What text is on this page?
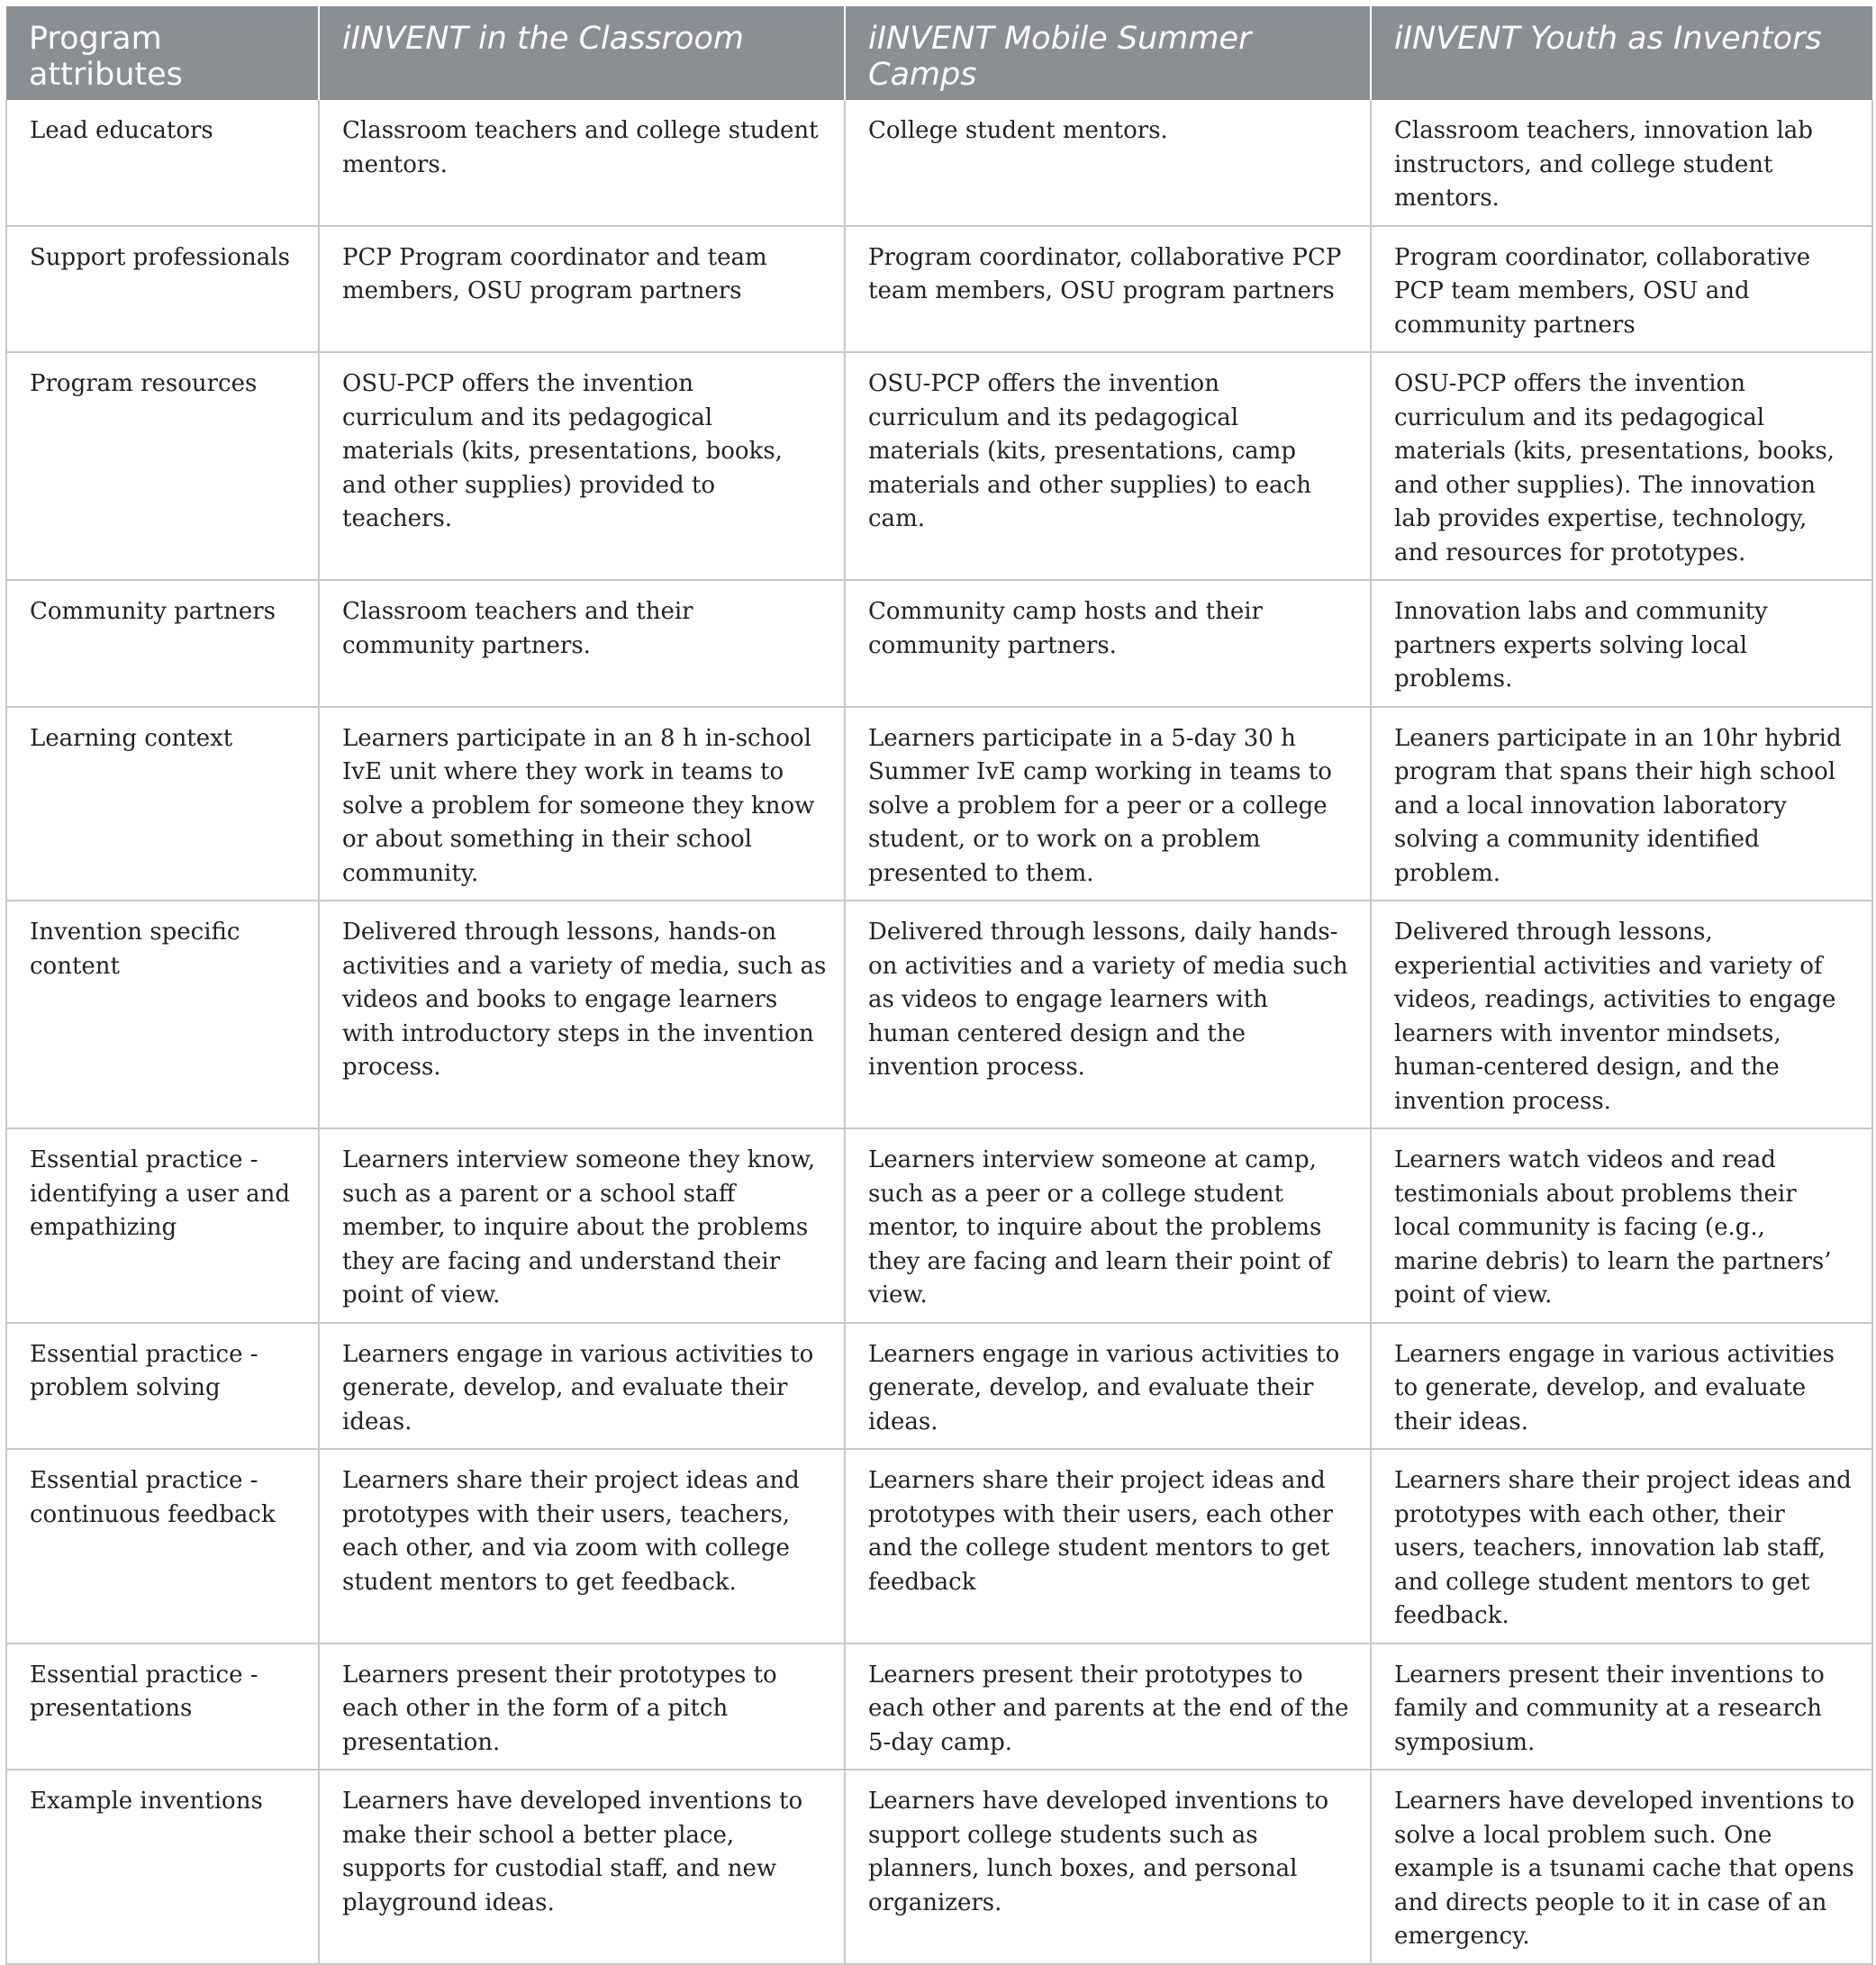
Program attributes	iINVENT in the Classroom	iINVENT Mobile Summer Camps	iINVENT Youth as Inventors
Lead educators	Classroom teachers and college student mentors.	College student mentors.	Classroom teachers, innovation lab instructors, and college student mentors.
Support professionals	PCP Program coordinator and team members, OSU program partners	Program coordinator, collaborative PCP team members, OSU program partners	Program coordinator, collaborative PCP team members, OSU and community partners
Program resources	OSU-PCP offers the invention curriculum and its pedagogical materials (kits, presentations, books, and other supplies) provided to teachers.	OSU-PCP offers the invention curriculum and its pedagogical materials (kits, presentations, camp materials and other supplies) to each cam.	OSU-PCP offers the invention curriculum and its pedagogical materials (kits, presentations, books, and other supplies). The innovation lab provides expertise, technology, and resources for prototypes.
Community partners	Classroom teachers and their community partners.	Community camp hosts and their community partners.	Innovation labs and community partners experts solving local problems.
Learning context	Learners participate in an 8 h in-school IvE unit where they work in teams to solve a problem for someone they know or about something in their school community.	Learners participate in a 5-day 30 h Summer IvE camp working in teams to solve a problem for a peer or a college student, or to work on a problem presented to them.	Leaners participate in an 10hr hybrid program that spans their high school and a local innovation laboratory solving a community identified problem.
Invention specific content	Delivered through lessons, hands-on activities and a variety of media, such as videos and books to engage learners with introductory steps in the invention process.	Delivered through lessons, daily hands-on activities and a variety of media such as videos to engage learners with human centered design and the invention process.	Delivered through lessons, experiential activities and variety of videos, readings, activities to engage learners with inventor mindsets, human-centered design, and the invention process.
Essential practice - identifying a user and empathizing	Learners interview someone they know, such as a parent or a school staff member, to inquire about the problems they are facing and understand their point of view.	Learners interview someone at camp, such as a peer or a college student mentor, to inquire about the problems they are facing and learn their point of view.	Learners watch videos and read testimonials about problems their local community is facing (e.g., marine debris) to learn the partners’ point of view.
Essential practice - problem solving	Learners engage in various activities to generate, develop, and evaluate their ideas.	Learners engage in various activities to generate, develop, and evaluate their ideas.	Learners engage in various activities to generate, develop, and evaluate their ideas.
Essential practice - continuous feedback	Learners share their project ideas and prototypes with their users, teachers, each other, and via zoom with college student mentors to get feedback.	Learners share their project ideas and prototypes with their users, each other and the college student mentors to get feedback	Learners share their project ideas and prototypes with each other, their users, teachers, innovation lab staff, and college student mentors to get feedback.
Essential practice - presentations	Learners present their prototypes to each other in the form of a pitch presentation.	Learners present their prototypes to each other and parents at the end of the 5-day camp.	Learners present their inventions to family and community at a research symposium.
Example inventions	Learners have developed inventions to make their school a better place, supports for custodial staff, and new playground ideas.	Learners have developed inventions to support college students such as planners, lunch boxes, and personal organizers.	Learners have developed inventions to solve a local problem such. One example is a tsunami cache that opens and directs people to it in case of an emergency.
